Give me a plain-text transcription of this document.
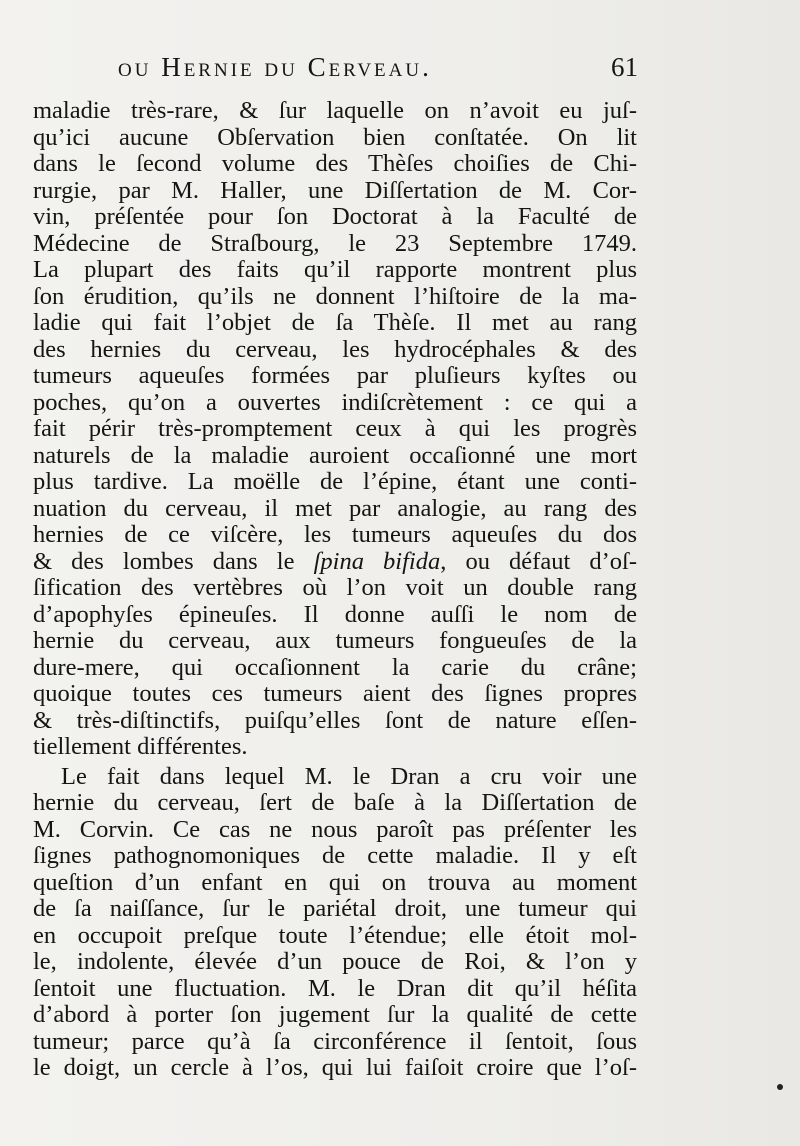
ou Hernie du Cerveau.	61
maladie très-rare, & ſur laquelle on n’avoit eu juſ-
qu’ici aucune Obſervation bien conſtatée. On lit
dans le ſecond volume des Thèſes choiſies de Chi-
rurgie, par M. Haller, une Diſſertation de M. Cor-
vin, préſentée pour ſon Doctorat à la Faculté de
Médecine de Straſbourg, le 23 Septembre 1749.
La plupart des faits qu’il rapporte montrent plus
ſon érudition, qu’ils ne donnent l’hiſtoire de la ma-
ladie qui fait l’objet de ſa Thèſe. Il met au rang
des hernies du cerveau, les hydrocéphales & des
tumeurs aqueuſes formées par pluſieurs kyſtes ou
poches, qu’on a ouvertes indiſcrètement : ce qui a
fait périr très-promptement ceux à qui les progrès
naturels de la maladie auroient occaſionné une mort
plus tardive. La moëlle de l’épine, étant une conti-
nuation du cerveau, il met par analogie, au rang des
hernies de ce viſcère, les tumeurs aqueuſes du dos
& des lombes dans le ſpina bifida, ou défaut d’oſ-
ſification des vertèbres où l’on voit un double rang
d’apophyſes épineuſes. Il donne auſſi le nom de
hernie du cerveau, aux tumeurs fongueuſes de la
dure-mere, qui occaſionnent la carie du crâne;
quoique toutes ces tumeurs aient des ſignes propres
& très-diſtinctifs, puiſqu’elles ſont de nature eſſen-
tiellement différentes.
Le fait dans lequel M. le Dran a cru voir une
hernie du cerveau, ſert de baſe à la Diſſertation de
M. Corvin. Ce cas ne nous paroît pas préſenter les
ſignes pathognomoniques de cette maladie. Il y eſt
queſtion d’un enfant en qui on trouva au moment
de ſa naiſſance, ſur le pariétal droit, une tumeur qui
en occupoit preſque toute l’étendue; elle étoit mol-
le, indolente, élevée d’un pouce de Roi, & l’on y
ſentoit une fluctuation. M. le Dran dit qu’il héſita
d’abord à porter ſon jugement ſur la qualité de cette
tumeur; parce qu’à ſa circonférence il ſentoit, ſous
le doigt, un cercle à l’os, qui lui faiſoit croire que l’oſ-
